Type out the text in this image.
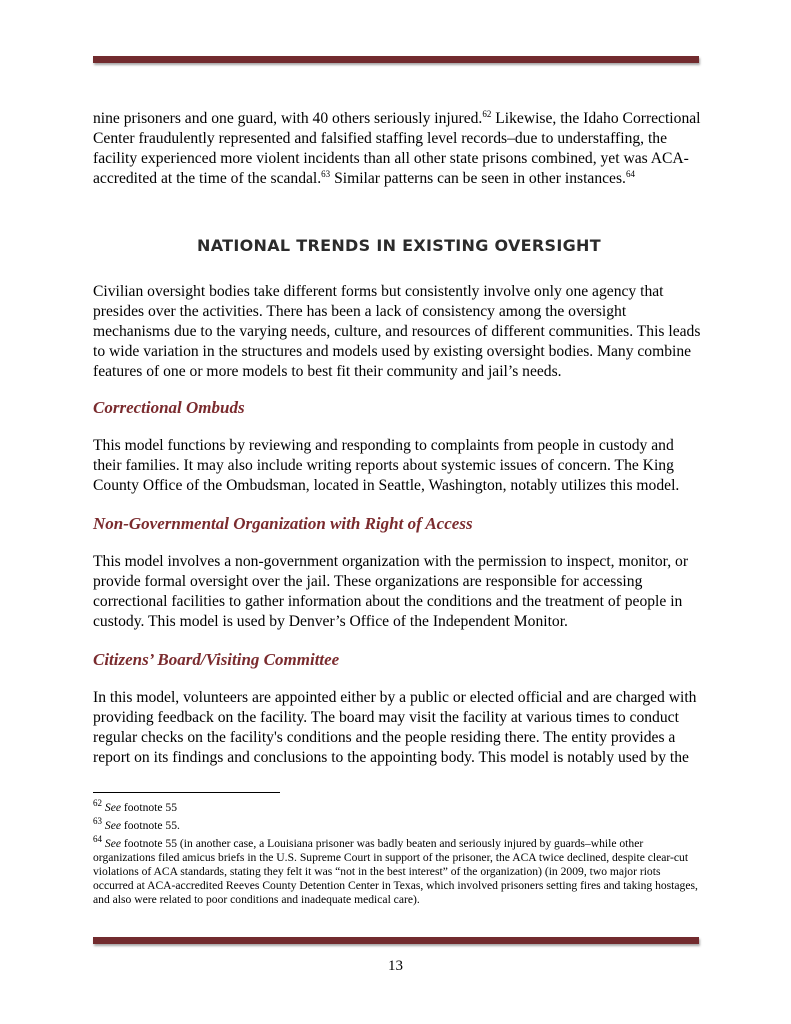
nine prisoners and one guard, with 40 others seriously injured.$^{62}$ Likewise, the Idaho Correctional Center fraudulently represented and falsified staffing level records–due to understaffing, the facility experienced more violent incidents than all other state prisons combined, yet was ACA-accredited at the time of the scandal.$^{63}$ Similar patterns can be seen in other instances.$^{64}$

NATIONAL TRENDS IN EXISTING OVERSIGHT

Civilian oversight bodies take different forms but consistently involve only one agency that presides over the activities. There has been a lack of consistency among the oversight mechanisms due to the varying needs, culture, and resources of different communities. This leads to wide variation in the structures and models used by existing oversight bodies. Many combine features of one or more models to best fit their community and jail’s needs.

Correctional Ombuds

This model functions by reviewing and responding to complaints from people in custody and their families. It may also include writing reports about systemic issues of concern. The King County Office of the Ombudsman, located in Seattle, Washington, notably utilizes this model.

Non-Governmental Organization with Right of Access

This model involves a non-government organization with the permission to inspect, monitor, or provide formal oversight over the jail. These organizations are responsible for accessing correctional facilities to gather information about the conditions and the treatment of people in custody. This model is used by Denver’s Office of the Independent Monitor.

Citizens’ Board/Visiting Committee

In this model, volunteers are appointed either by a public or elected official and are charged with providing feedback on the facility. The board may visit the facility at various times to conduct regular checks on the facility's conditions and the people residing there. The entity provides a report on its findings and conclusions to the appointing body. This model is notably used by the

$^{62}$ See footnote 55

$^{63}$ See footnote 55.

$^{64}$ See footnote 55 (in another case, a Louisiana prisoner was badly beaten and seriously injured by guards–while other organizations filed amicus briefs in the U.S. Supreme Court in support of the prisoner, the ACA twice declined, despite clear-cut violations of ACA standards, stating they felt it was “not in the best interest” of the organization) (in 2009, two major riots occurred at ACA-accredited Reeves County Detention Center in Texas, which involved prisoners setting fires and taking hostages, and also were related to poor conditions and inadequate medical care).

13
